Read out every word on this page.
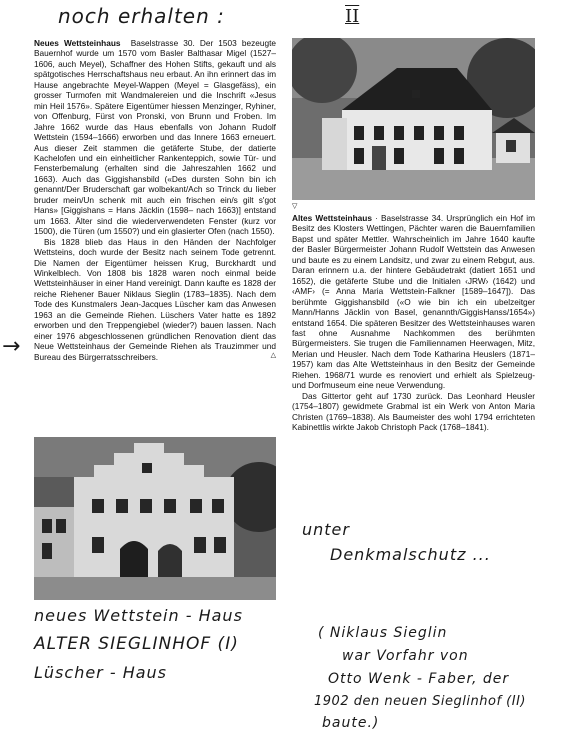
noch erhalten :	II

Neues Wettsteinhaus Baselstrasse 30. Der 1503 bezeugte Bauernhof wurde um 1570 vom Basler Balthasar Migel (1527–1606, auch Meyel), Schaffner des Hohen Stifts, gekauft und als spätgotisches Herrschaftshaus neu erbaut. An ihn erinnert das im Hause angebrachte Meyel-Wappen (Meyel = Glasgefäss), ein grosser Turmofen mit Wandmalereien und die Inschrift «Jesus min Heil 1576». Spätere Eigentümer hiessen Menzinger, Ryhiner, von Offenburg, Fürst von Pronski, von Brunn und Froben. Im Jahre 1662 wurde das Haus ebenfalls von Johann Rudolf Wettstein (1594–1666) erworben und das Innere 1663 erneuert. Aus dieser Zeit stammen die getäferte Stube, der datierte Kachelofen und ein einheitlicher Rankenteppich, sowie Tür- und Fensterbemalung (erhalten sind die Jahreszahlen 1662 und 1663). Auch das Giggishansbild («Des dursten Sohn bin ich genannt/Der Bruderschaft gar wolbekant/Ach so Trinck du lieber bruder mein/Un schenk mit auch ein frischen ein/s gilt s'got Hans» [Giggishans = Hans Jäcklin (1598– nach 1663)] entstand um 1663. Älter sind die wiederverwendeten Fenster (kurz vor 1500), die Türen (um 1550?) und ein glasierter Ofen (nach 1550).

Bis 1828 blieb das Haus in den Händen der Nachfolger Wettsteins, doch wurde der Besitz nach seinem Tode getrennt. Die Namen der Eigentümer heissen Krug, Burckhardt und Winkelblech. Von 1808 bis 1828 waren noch einmal beide Wettsteinhäuser in einer Hand vereinigt. Dann kaufte es 1828 der reiche Riehener Bauer Niklaus Sieglin (1783–1835). Nach dem Tode des Kunstmalers Jean-Jacques Lüscher kam das Anwesen 1963 an die Gemeinde Riehen. Lüschers Vater hatte es 1892 erworben und den Treppengiebel (wieder?) bauen lassen. Nach einer 1976 abgeschlossenen gründlichen Renovation dient das Neue Wettsteinhaus der Gemeinde Riehen als Trauzimmer und Bureau des Bürgerratsschreibers.	△

→
▽

Altes Wettsteinhaus · Baselstrasse 34. Ursprünglich ein Hof im Besitz des Klosters Wettingen, Pächter waren die Bauernfamilien Bapst und später Mettler. Wahrscheinlich im Jahre 1640 kaufte der Basler Bürgermeister Johann Rudolf Wettstein das Anwesen und baute es zu einem Landsitz, und zwar zu einem Rebgut, aus. Daran erinnern u.a. der hintere Gebäudetrakt (datiert 1651 und 1652), die getäferte Stube und die Initialen ‹JRW› (1642) und ‹AMF› (= Anna Maria Wettstein-Falkner [1589–1647]). Das berühmte Giggishansbild («O wie bin ich ein ubelzeitger Mann/Hanns Jäcklin von Basel, genannth/GiggisHanss/1654») entstand 1654. Die späteren Besitzer des Wettsteinhauses waren fast ohne Ausnahme Nachkommen des berühmten Bürgermeisters. Sie trugen die Familiennamen Heerwagen, Mitz, Merian und Heusler. Nach dem Tode Katharina Heuslers (1871–1957) kam das Alte Wettsteinhaus in den Besitz der Gemeinde Riehen. 1968/71 wurde es renoviert und erhielt als Spielzeug- und Dorfmuseum eine neue Verwendung.

Das Gittertor geht auf 1730 zurück. Das Leonhard Heusler (1754–1807) gewidmete Grabmal ist ein Werk von Anton Maria Christen (1769–1838). Als Baumeister des wohl 1794 errichteten Kabinettlis wirkte Jakob Christoph Pack (1768–1841).

unter
Denkmalschutz ...
neues Wettstein - Haus
ALTER SIEGLINHOF (I)
Lüscher - Haus
( Niklaus Sieglin
war Vorfahr von
Otto Wenk - Faber, der
1902 den neuen Sieglinhof (II)
baute.)
